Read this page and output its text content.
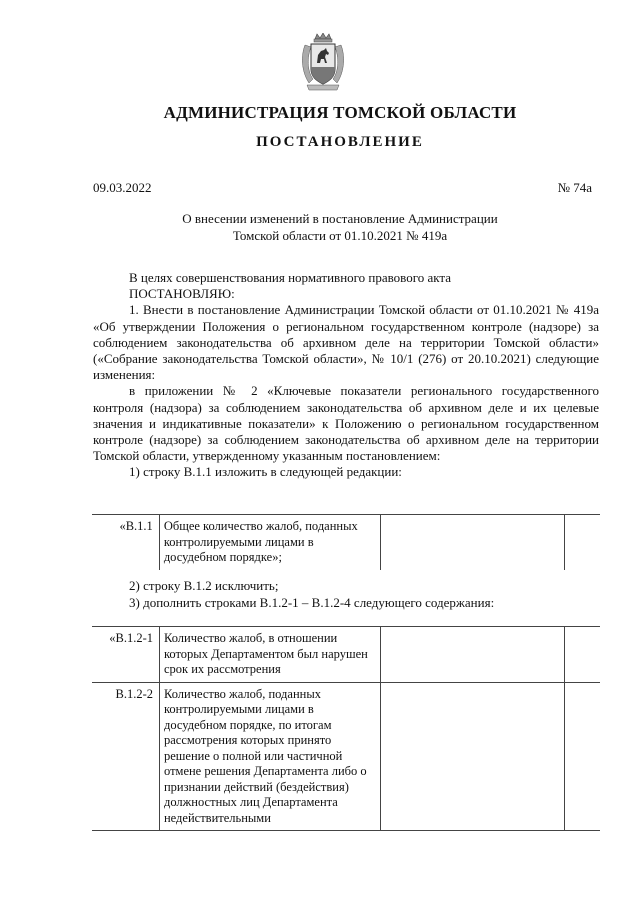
АДМИНИСТРАЦИЯ ТОМСКОЙ ОБЛАСТИ
ПОСТАНОВЛЕНИЕ
09.03.2022	№ 74а
О внесении изменений в постановление Администрации
Томской области от 01.10.2021 № 419а

В целях совершенствования нормативного правового акта

ПОСТАНОВЛЯЮ:

1. Внести в постановление Администрации Томской области от 01.10.2021 № 419а «Об утверждении Положения о региональном государственном контроле (надзоре) за соблюдением законодательства об архивном деле на территории Томской области» («Собрание законодательства Томской области», № 10/1 (276) от 20.10.2021) следующие изменения:

в приложении № 2 «Ключевые показатели регионального государственного контроля (надзора) за соблюдением законодательства об архивном деле и их целевые значения и индикативные показатели» к Положению о региональном государственном контроле (надзоре) за соблюдением законодательства об архивном деле на территории Томской области, утвержденному указанным постановлением:

1) строку В.1.1 изложить в следующей редакции:

«В.1.1	Общее количество жалоб, поданных контролируемыми лицами в досудебном порядке»;		

2) строку В.1.2 исключить;

3) дополнить строками В.1.2-1 – В.1.2-4 следующего содержания:

«В.1.2-1	Количество жалоб, в отношении которых Департаментом был нарушен срок их рассмотрения		
В.1.2-2	Количество жалоб, поданных контролируемыми лицами в досудебном порядке, по итогам рассмотрения которых принято решение о полной или частичной отмене решения Департамента либо о признании действий (бездействия) должностных лиц Департамента недействительными		
